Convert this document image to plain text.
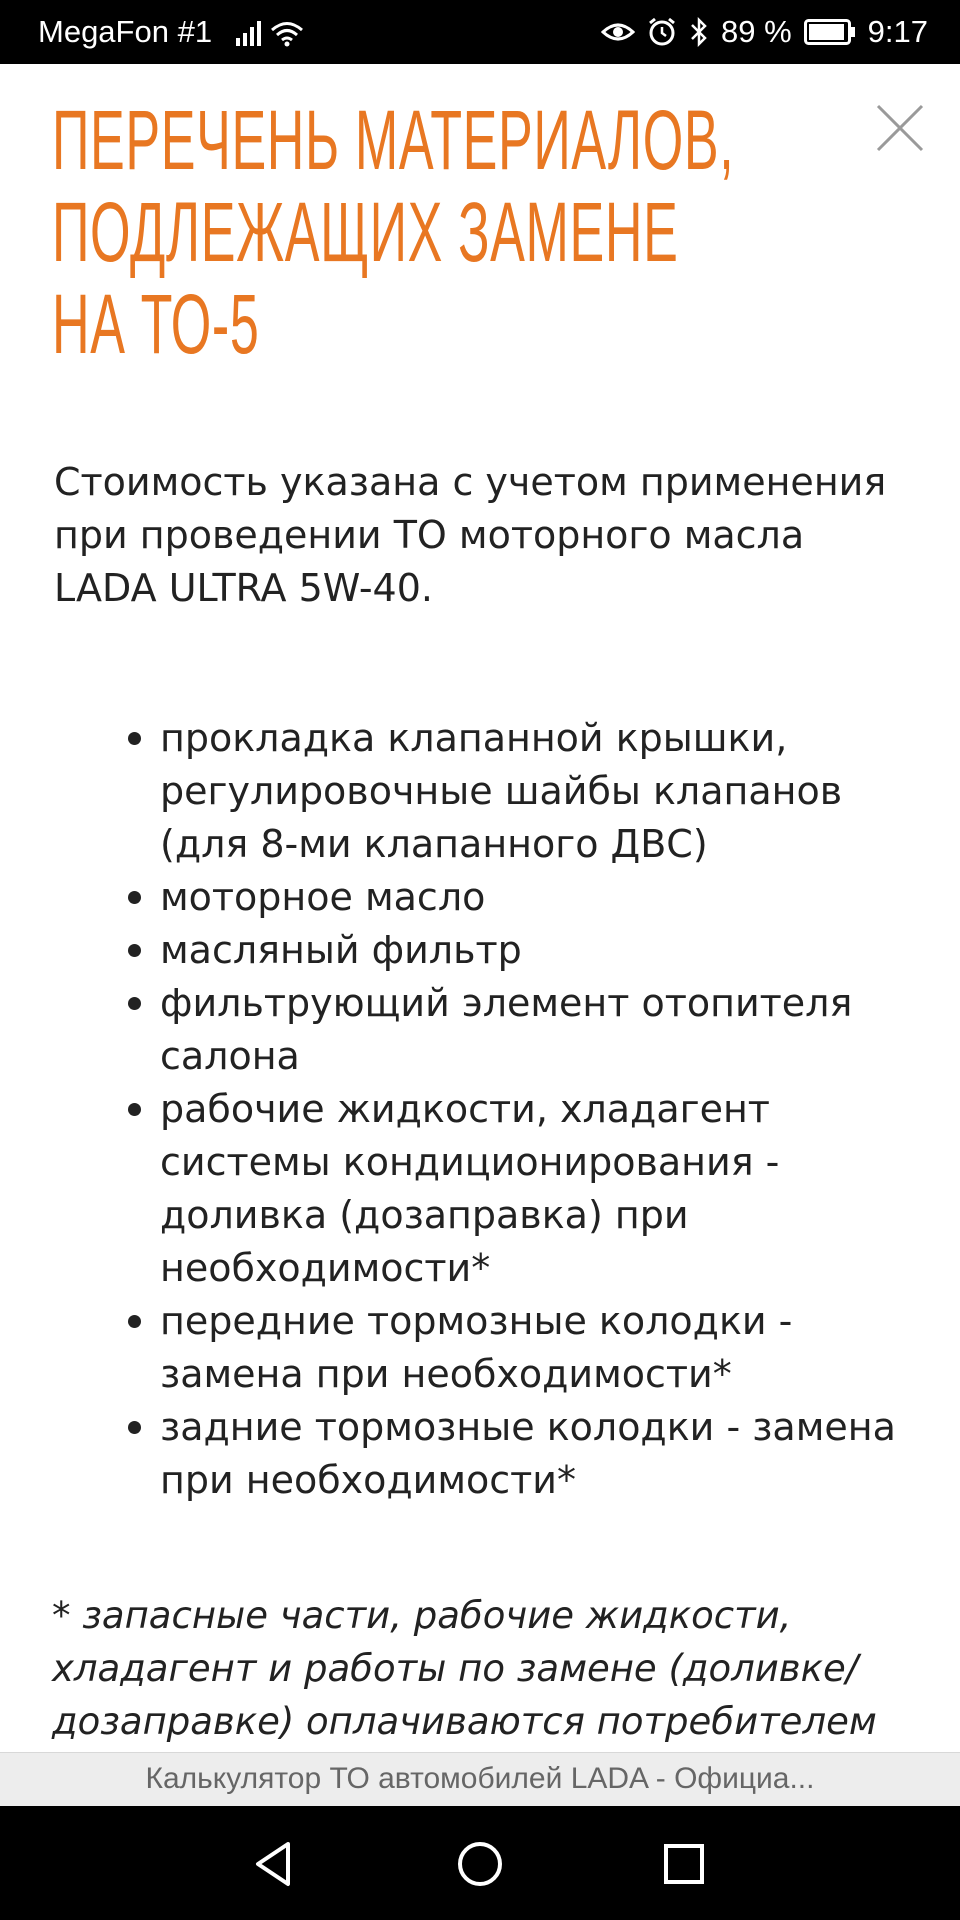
MegaFon #1	89 % 9:17
ПЕРЕЧЕНЬ МАТЕРИАЛОВ,
ПОДЛЕЖАЩИХ ЗАМЕНЕ
НА ТО-5

Стоимость указана с учетом применения при проведении ТО моторного масла LADA ULTRA 5W-40.

прокладка клапанной крышки, регулировочные шайбы клапанов (для 8-ми клапанного ДВС)
моторное масло
масляный фильтр
фильтрующий элемент отопителя салона
рабочие жидкости, хладагент системы кондиционирования - доливка (дозаправка) при необходимости*
передние тормозные колодки - замена при необходимости*
задние тормозные колодки - замена при необходимости*

* запасные части, рабочие жидкости, хладагент и работы по замене (доливке/ дозаправке) оплачиваются потребителем

Калькулятор ТО автомобилей LADA - Официа...
